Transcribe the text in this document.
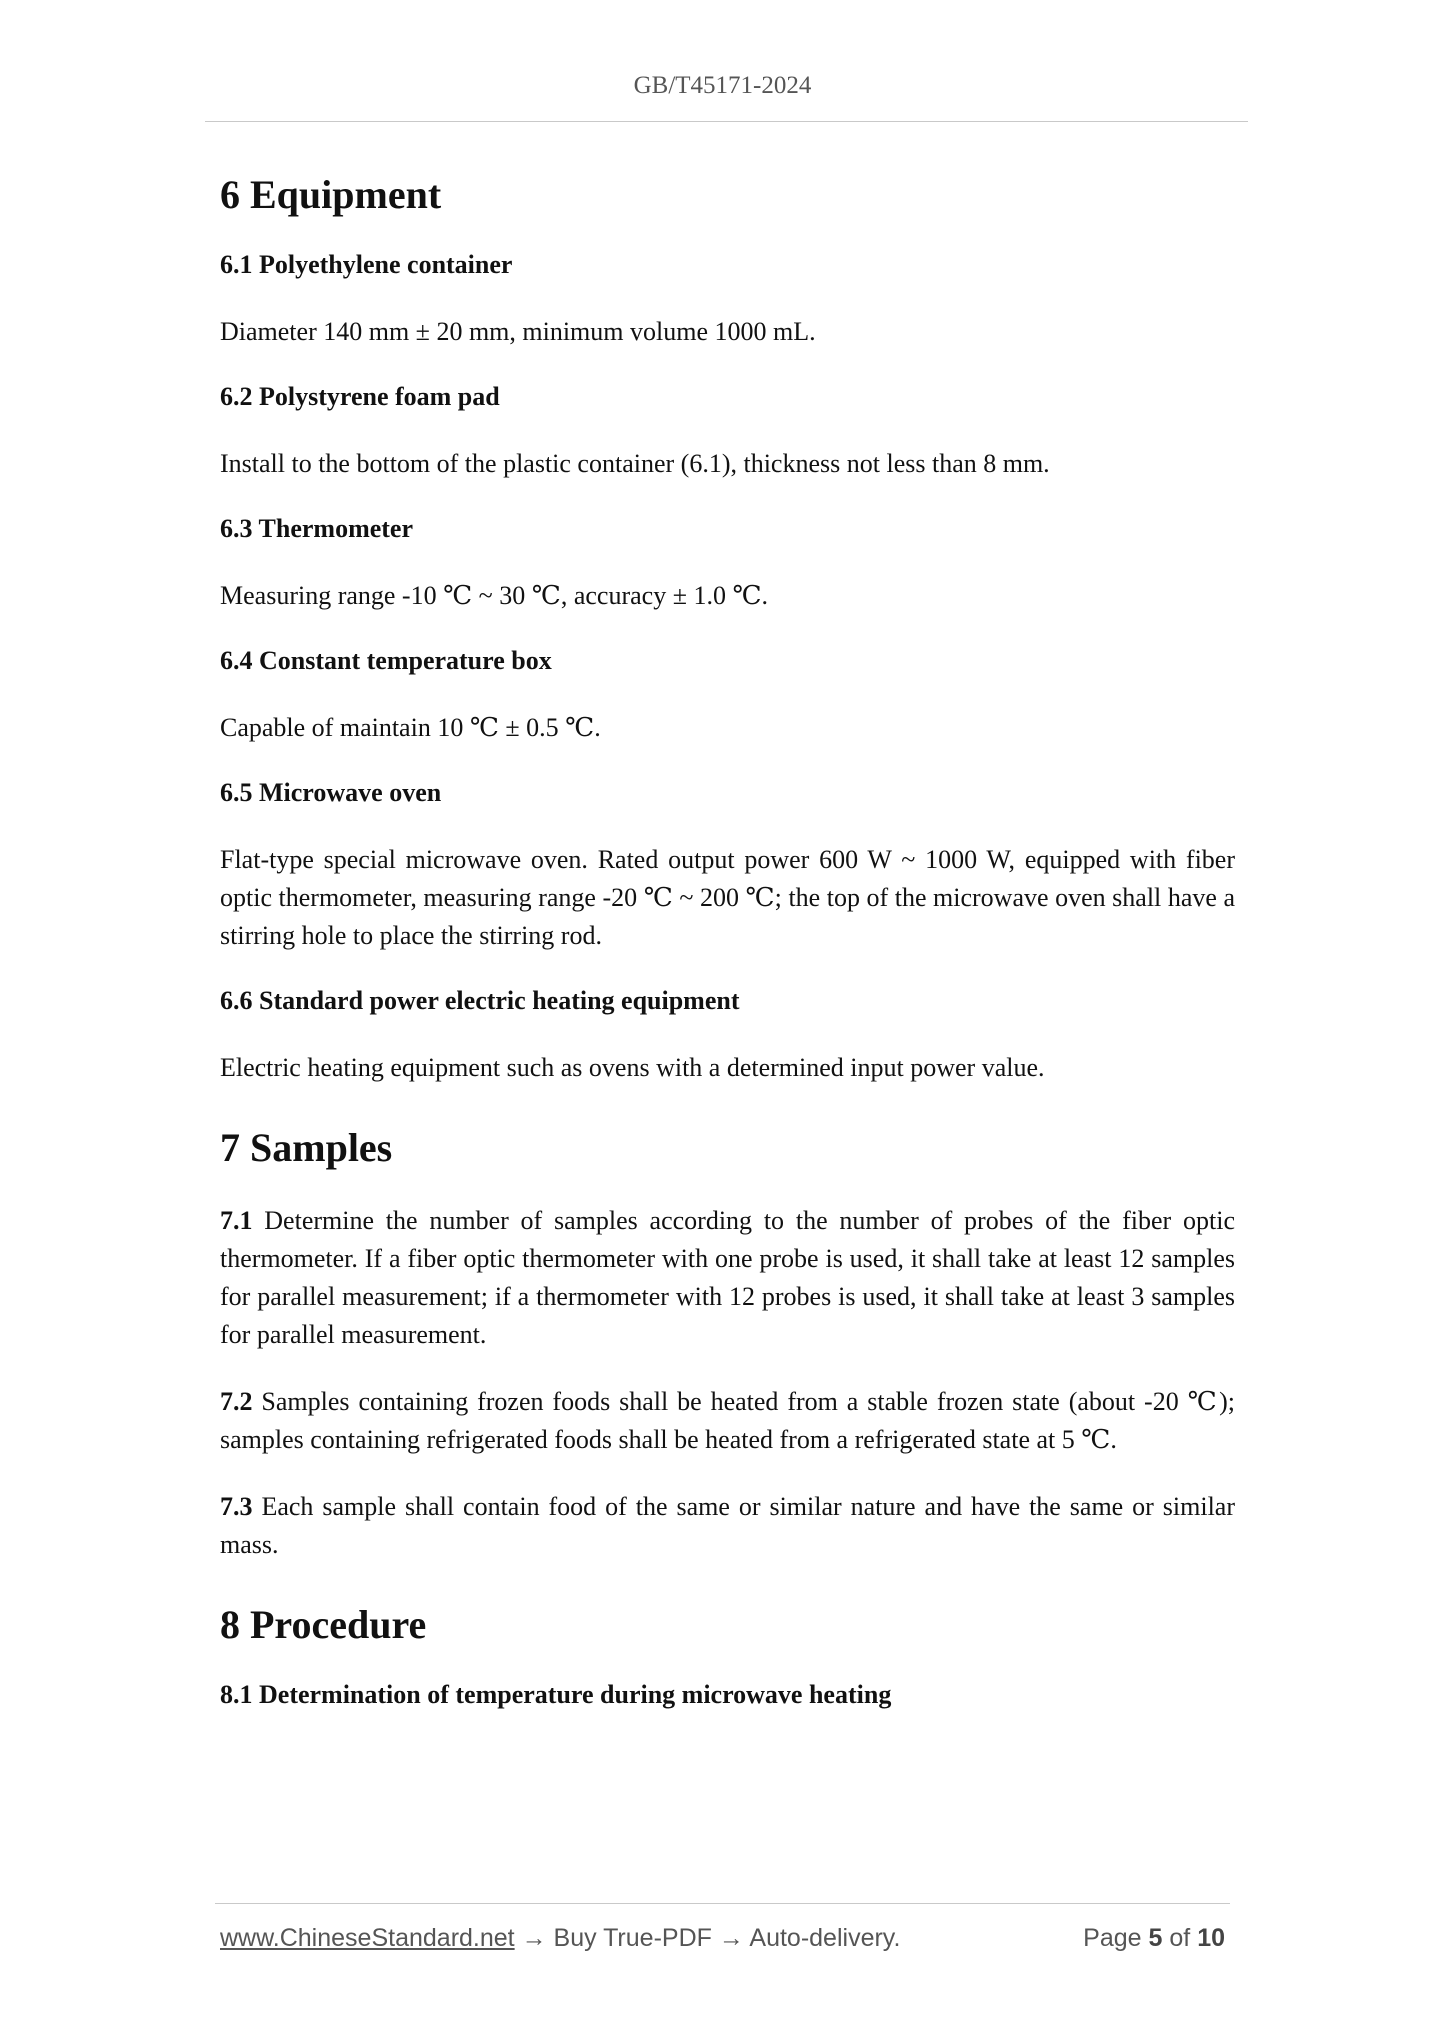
GB/T45171-2024
6 Equipment
6.1 Polyethylene container

Diameter 140 mm ± 20 mm, minimum volume 1000 mL.

6.2 Polystyrene foam pad

Install to the bottom of the plastic container (6.1), thickness not less than 8 mm.

6.3 Thermometer

Measuring range -10 ℃ ~ 30 ℃, accuracy ± 1.0 ℃.

6.4 Constant temperature box

Capable of maintain 10 ℃ ± 0.5 ℃.

6.5 Microwave oven

Flat-type special microwave oven. Rated output power 600 W ~ 1000 W, equipped with fiber optic thermometer, measuring range -20 ℃ ~ 200 ℃; the top of the microwave oven shall have a stirring hole to place the stirring rod.

6.6 Standard power electric heating equipment

Electric heating equipment such as ovens with a determined input power value.

7 Samples

7.1 Determine the number of samples according to the number of probes of the fiber optic thermometer. If a fiber optic thermometer with one probe is used, it shall take at least 12 samples for parallel measurement; if a thermometer with 12 probes is used, it shall take at least 3 samples for parallel measurement.

7.2 Samples containing frozen foods shall be heated from a stable frozen state (about -20 ℃); samples containing refrigerated foods shall be heated from a refrigerated state at 5 ℃.

7.3 Each sample shall contain food of the same or similar nature and have the same or similar mass.

8 Procedure
8.1 Determination of temperature during microwave heating
www.ChineseStandard.net → Buy True-PDF → Auto-delivery.	Page 5 of 10
